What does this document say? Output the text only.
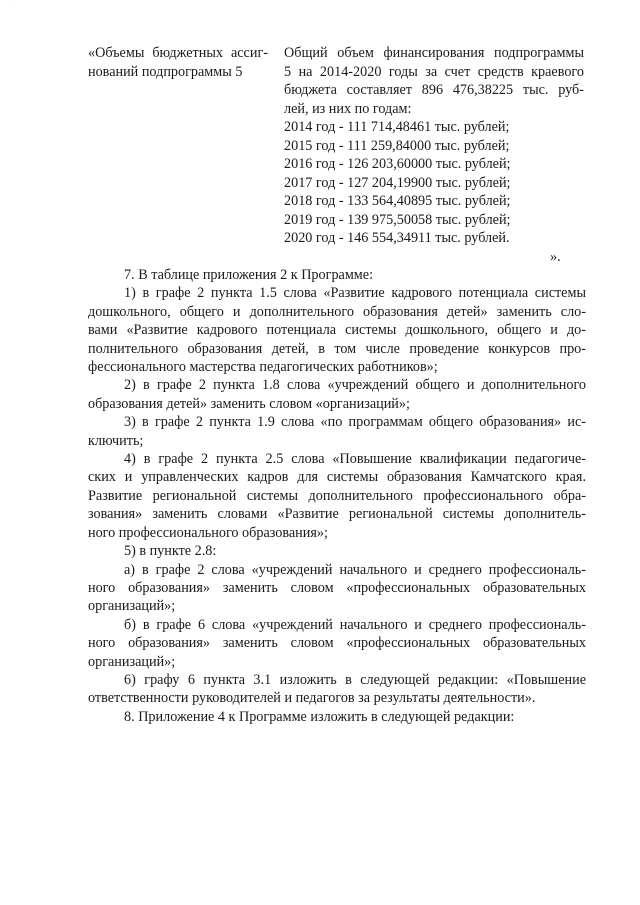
`
«Объемы бюджетных ассиг-
нований подпрограммы 5
Общий объем финансирования подпрограммы
5 на 2014-2020 годы за счет средств краевого
бюджета составляет 896 476,38225 тыс. руб-
лей, из них по годам:
2014 год - 111 714,48461 тыс. рублей;
2015 год - 111 259,84000 тыс. рублей;
2016 год - 126 203,60000 тыс. рублей;
2017 год - 127 204,19900 тыс. рублей;
2018 год - 133 564,40895 тыс. рублей;
2019 год - 139 975,50058 тыс. рублей;
2020 год - 146 554,34911 тыс. рублей.
».
7. В таблице приложения 2 к Программе:
1) в графе 2 пункта 1.5 слова «Развитие кадрового потенциала системы
дошкольного, общего и дополнительного образования детей» заменить сло-
вами «Развитие кадрового потенциала системы дошкольного, общего и до-
полнительного образования детей, в том числе проведение конкурсов про-
фессионального мастерства педагогических работников»;
2) в графе 2 пункта 1.8 слова «учреждений общего и дополнительного
образования детей» заменить словом «организаций»;
3) в графе 2 пункта 1.9 слова «по программам общего образования» ис-
ключить;
4) в графе 2 пункта 2.5 слова «Повышение квалификации педагогиче-
ских и управленческих кадров для системы образования Камчатского края.
Развитие региональной системы дополнительного профессионального обра-
зования» заменить словами «Развитие региональной системы дополнитель-
ного профессионального образования»;
5) в пункте 2.8:
а) в графе 2 слова «учреждений начального и среднего профессиональ-
ного образования» заменить словом «профессиональных образовательных
организаций»;
б) в графе 6 слова «учреждений начального и среднего профессиональ-
ного образования» заменить словом «профессиональных образовательных
организаций»;
6) графу 6 пункта 3.1 изложить в следующей редакции: «Повышение
ответственности руководителей и педагогов за результаты деятельности».
8. Приложение 4 к Программе изложить в следующей редакции:
